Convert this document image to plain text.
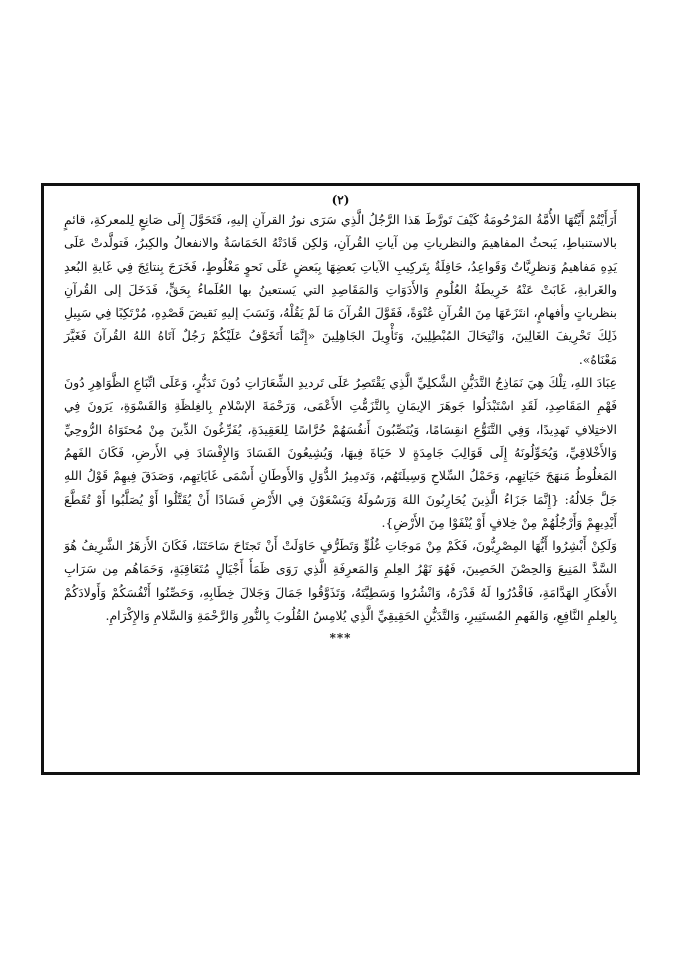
(٢)

أَرَأَيْتُمْ أَيَّتُهَا الأُمَّةُ المَرْحُومَةُ كَيْفَ تَورَّطَ هَذا الرَّجُلُ الَّذِي سَرَى نورُ القرآنِ إليهِ، فَتَحَوَّلَ إِلَى صَانِعٍ لِلمعركةِ، قائمٍ بالاستنباطِ، يَبحثُ المفاهيمَ والنظرياتِ مِن آياتِ القُرآنِ، وَلكِن قَادَتْهُ الحَمَاسَةُ والانفعالُ والكِبرُ، فَتولَّدتْ عَلَى يَدِهِ مَفاهيمُ وَنظرِيَّاتٌ وَقَواعِدُ، حَافِلَةٌ بِتَركِيبِ الآياتِ بَعضِهَا بِبَعضٍ عَلَى نَحوٍ مَغْلُوطٍ، فَخَرَجَ بِنتائِجَ فِي غَايةِ البُعدِ والغَرابةِ، غَابَتْ عَنْهُ خَرِيطَةُ العُلُومِ وَالأَدَوَاتِ وَالمَقَاصِدِ التي يَستعينُ بها العُلَماءُ بِحَقٍّ، فَدَخَلَ إلى القُرآنِ بنظرياتٍ وأفهامٍ، انتَزَعَهَا مِنَ القُرآنِ عُنْوَةً، فَقَوَّلَ القُرآنَ مَا لَمْ يَقُلْهُ، وَنَسَبَ إليهِ نَقيضَ قَصْدِهِ، مُرْتَكِبًا فِي سَبِيلِ ذَلِكَ تَحْرِيفَ الغَالِينَ، وَانْتِحَالَ المُبْطِلِينَ، وَتَأْوِيلَ الجَاهِلِينَ «إِنَّمَا أَتَخَوَّفُ عَلَيْكُمْ رَجُلٌ آتَاهُ اللهُ القُرآنَ فَغَيَّرَ مَعْنَاهُ».

عِبَادَ اللهِ، تِلْكَ هِيَ نَمَاذِجُ التَّدَيُّنِ الشَّكلِيِّ الَّذِي يَقْتَصِرُ عَلَى تَرديدِ الشِّعَارَاتِ دُونَ تَدَبُّرٍ، وَعَلَى اتِّبَاعِ الظَّوَاهِرِ دُونَ فَهْمِ المَقَاصِدِ، لَقَدِ اسْتَبْدَلُوا جَوهَرَ الإيمَانِ بِالتَّزَمُّتِ الأَعْمَى، وَرَحْمَةَ الإسْلامِ بِالغِلظَةِ وَالقَسْوَةِ، يَرَونَ فِي الاختِلافِ تَهدِيدًا، وَفِي التَّنَوُّعِ انقِسَامًا، وَيُنَصِّبُونَ أَنفُسَهُمْ حُرَّاسًا لِلعَقِيدَةِ، يُفَرِّغُونَ الدِّينَ مِنْ مُحتَوَاهُ الرُّوحِيِّ وَالأَخْلاقِيِّ، وَيُحَوِّلُونَهُ إِلَى قَوَالِبَ جَامِدَةٍ لا حَيَاةَ فِيهَا، وَيُشِيعُونَ الفَسَادَ وَالإِفْسَادَ فِي الأَرضِ، فَكَانَ الفَهمُ المَغلُوطُ مَنهَجَ حَيَاتِهِم، وَحَمْلُ السِّلاحِ وَسِيلَتَهُم، وَتَدمِيرُ الدُّوَلِ وَالأَوطَانِ أَسْمَى غَايَاتِهِم، وَصَدَقَ فِيهِمْ قَوْلُ اللهِ جَلَّ جَلالُهُ: {إِنَّمَا جَزَاءُ الَّذِينَ يُحَارِبُونَ اللهَ وَرَسُولَهُ وَيَسْعَوْنَ فِي الأَرْضِ فَسَادًا أَنْ يُقَتَّلُوا أَوْ يُصَلَّبُوا أَوْ تُقَطَّعَ أَيْدِيهِمْ وَأَرْجُلُهُمْ مِنْ خِلافٍ أَوْ يُنْفَوْا مِنَ الأَرْضِ}.

وَلَكِنْ أَبْشِرُوا أَيُّهَا المِصْرِيُّونَ، فَكَمْ مِنْ مَوجَاتِ غُلُوٍّ وَتَطَرُّفٍ حَاوَلَتْ أَنْ تَجتَاحَ سَاحَتَنَا، فَكَانَ الأَزهَرُ الشَّرِيفُ هُوَ السَّدَّ المَنِيعَ وَالحِصْنَ الحَصِينَ، فَهُوَ نَهْرُ العِلمِ وَالمَعرِفَةِ الَّذِي رَوَى ظَمَأَ أَجْيَالٍ مُتَعَاقِبَةٍ، وَحَمَاهُم مِن سَرَابِ الأَفكَارِ الهَدَّامَةِ، فَاقْدُرُوا لَهُ قَدْرَهُ، وَانْشُرُوا وَسَطِيَّتَهُ، وَتَذَوَّقُوا جَمَالَ وَجَلالَ خِطَابِهِ، وَحَصِّنُوا أَنْفُسَكُمْ وَأَولادَكُمْ بِالعِلمِ النَّافِعِ، وَالفَهمِ المُستَنِيرِ، وَالتَّدَيُّنِ الحَقِيقِيِّ الَّذِي يُلامِسُ القُلُوبَ بِالنُّورِ وَالرَّحْمَةِ وَالسَّلامِ وَالإِكْرَامِ.

***
